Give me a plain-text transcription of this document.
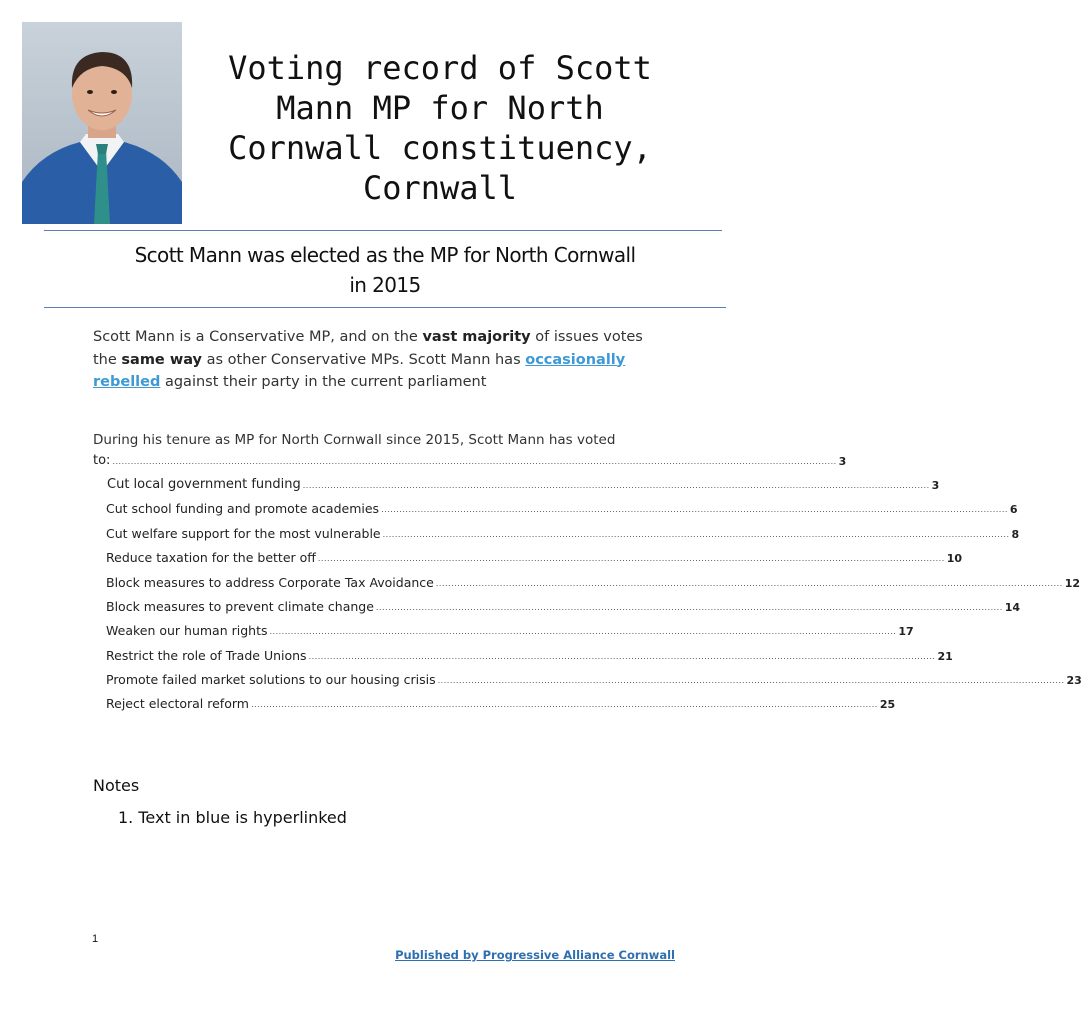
Voting record of Scott Mann MP for North Cornwall constituency, Cornwall
Scott Mann was elected as the MP for North Cornwall
in 2015
Scott Mann is a Conservative MP, and on the vast majority of issues votes the same way as other Conservative MPs. Scott Mann has occasionally rebelled against their party in the current parliament
During his tenure as MP for North Cornwall since 2015, Scott Mann has voted
to: .............................................................................................................................................................................................................................................. 3
Cut local government funding .............................................................................................................................................................................................................. 3
Cut school funding and promote academies .............................................................................................................................................................................................................. 6
Cut welfare support for the most vulnerable .............................................................................................................................................................................................................. 8
Reduce taxation for the better off .............................................................................................................................................................................................................. 10
Block measures to address Corporate Tax Avoidance .............................................................................................................................................................................................................. 12
Block measures to prevent climate change .............................................................................................................................................................................................................. 14
Weaken our human rights .............................................................................................................................................................................................................. 17
Restrict the role of Trade Unions .............................................................................................................................................................................................................. 21
Promote failed market solutions to our housing crisis .............................................................................................................................................................................................................. 23
Reject electoral reform .............................................................................................................................................................................................................. 25
Notes
1. Text in blue is hyperlinked
1
Published by Progressive Alliance Cornwall
